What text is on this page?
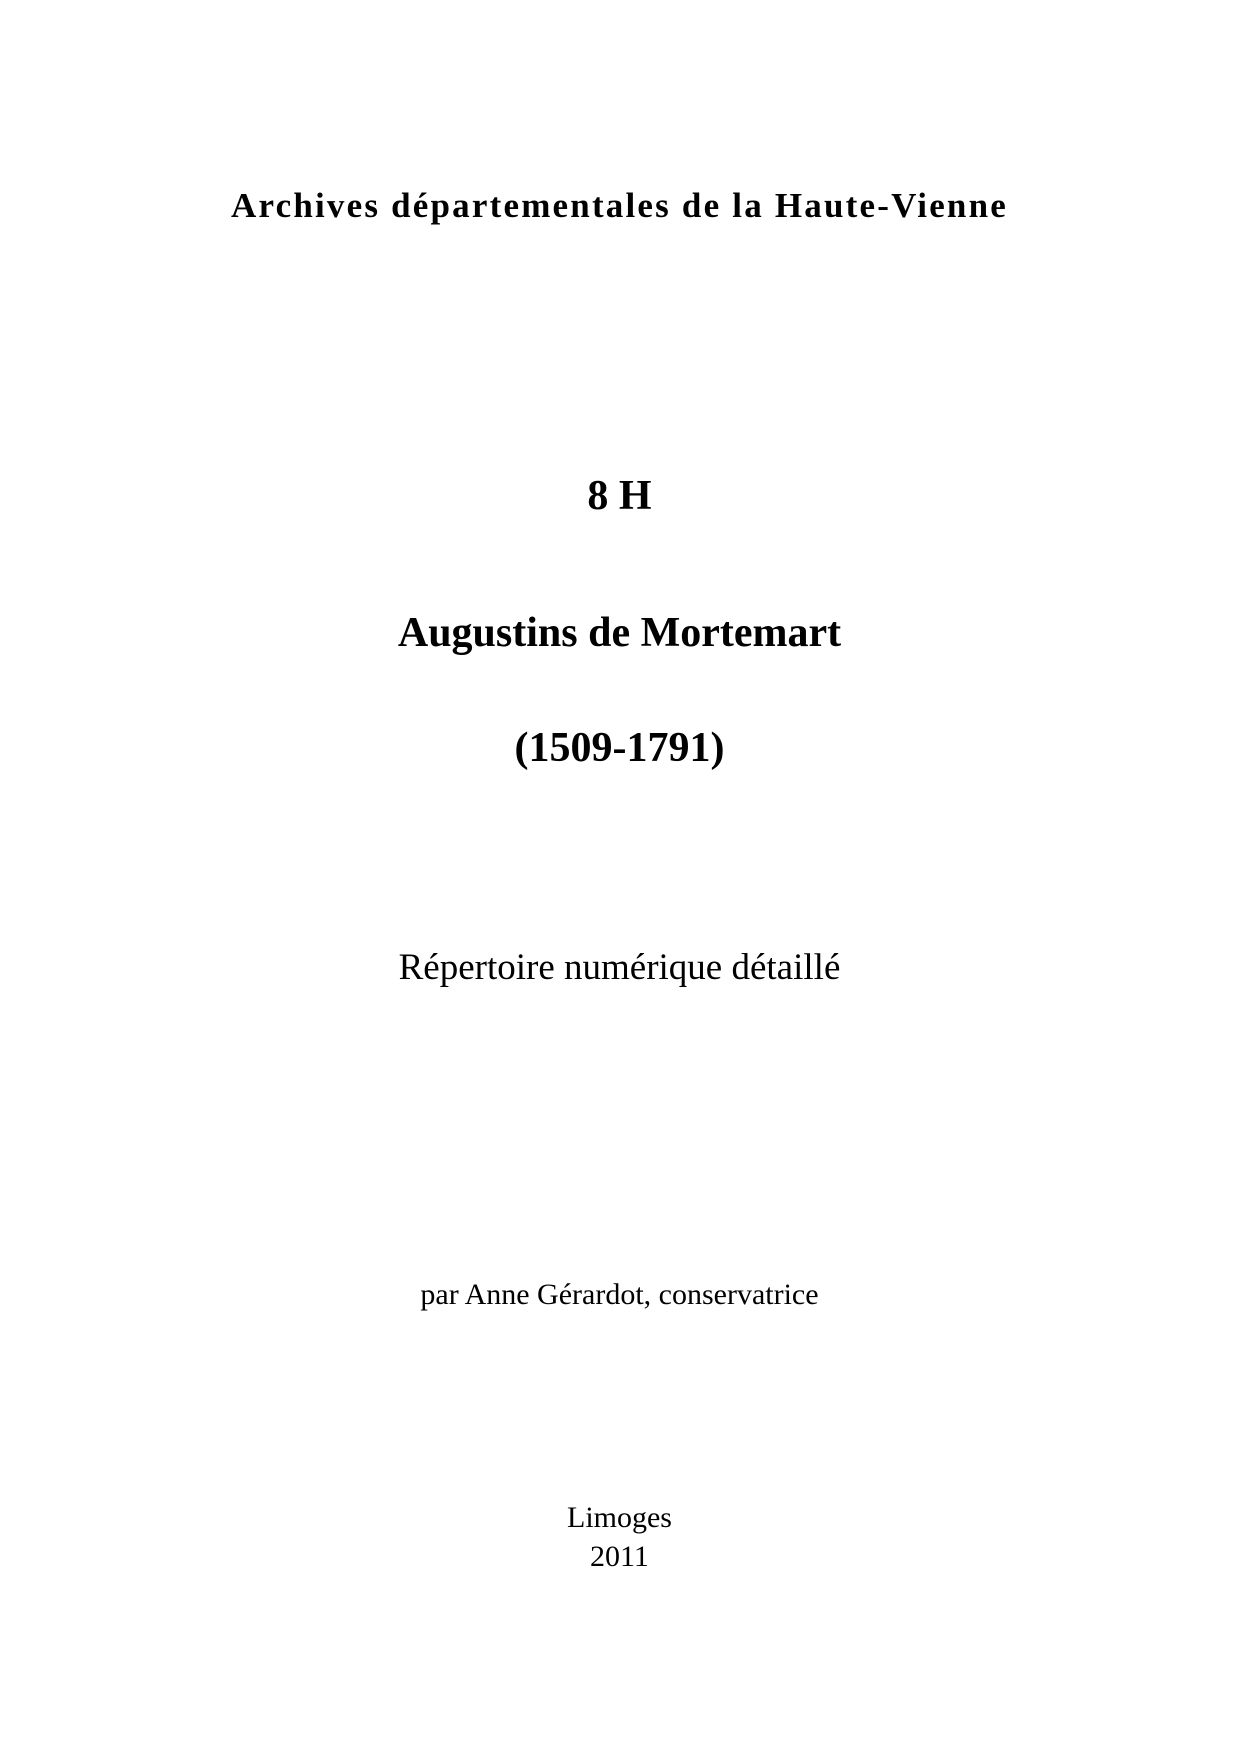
Archives départementales de la Haute-Vienne
8 H
Augustins de Mortemart
(1509-1791)
Répertoire numérique détaillé
par Anne Gérardot, conservatrice
Limoges
2011
